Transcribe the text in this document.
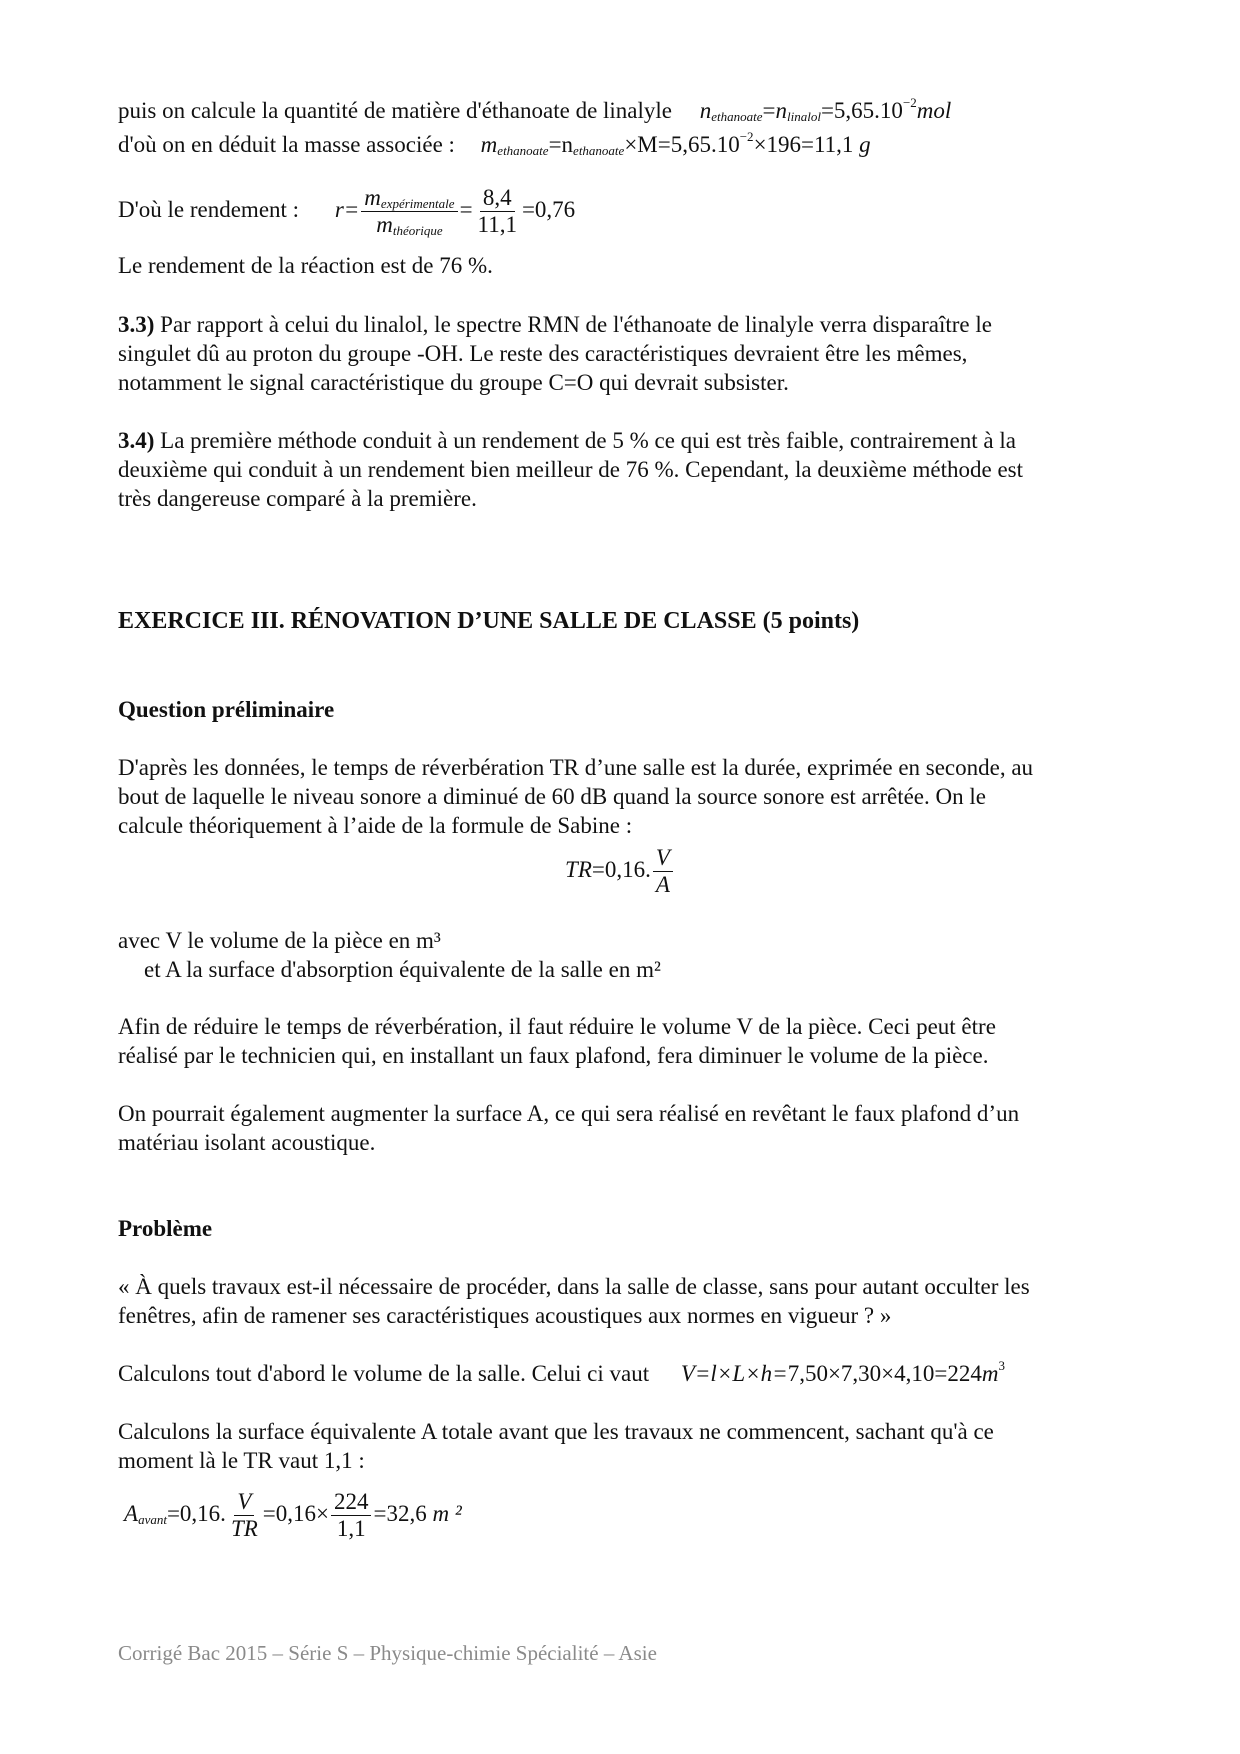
puis on calcule la quantité de matière d'éthanoate de linalyle $n_{ethanoate}=n_{linalol}=5,65.10^{-2}mol$
d'où on en déduit la masse associée : $m_{ethanoate}=n_{ethanoate}\times M=5,65.10^{-2}\times 196=11,1$ g
D'où le rendement : $r= \frac{m_{expérimentale}}{m_{théorique}} = \frac{8,4}{11,1} =0,76$
Le rendement de la réaction est de 76 %.
3.3) Par rapport à celui du linalol, le spectre RMN de l'éthanoate de linalyle verra disparaître le
singulet dû au proton du groupe -OH. Le reste des caractéristiques devraient être les mêmes,
notamment le signal caractéristique du groupe C=O qui devrait subsister.
3.4) La première méthode conduit à un rendement de 5 % ce qui est très faible, contrairement à la
deuxième qui conduit à un rendement bien meilleur de 76 %. Cependant, la deuxième méthode est
très dangereuse comparé à la première.
EXERCICE III. RÉNOVATION D’UNE SALLE DE CLASSE (5 points)
Question préliminaire
D'après les données, le temps de réverbération TR d’une salle est la durée, exprimée en seconde, au
bout de laquelle le niveau sonore a diminué de 60 dB quand la source sonore est arrêtée. On le
calcule théoriquement à l’aide de la formule de Sabine :
TR=0,16. $\frac{V}{A}$
avec V le volume de la pièce en m³
et A la surface d'absorption équivalente de la salle en m²
Afin de réduire le temps de réverbération, il faut réduire le volume V de la pièce. Ceci peut être
réalisé par le technicien qui, en installant un faux plafond, fera diminuer le volume de la pièce.
On pourrait également augmenter la surface A, ce qui sera réalisé en revêtant le faux plafond d’un
matériau isolant acoustique.
Problème
« À quels travaux est-il nécessaire de procéder, dans la salle de classe, sans pour autant occulter les
fenêtres, afin de ramener ses caractéristiques acoustiques aux normes en vigueur ? »
Calculons tout d'abord le volume de la salle. Celui ci vaut $V=l\times L\times h=7,50\times 7,30\times 4,10=224m^3$
Calculons la surface équivalente A totale avant que les travaux ne commencent, sachant qu'à ce
moment là le TR vaut 1,1 :
$A_{avant}=0,16$. $\frac{V}{TR} =0,16\times \frac{224}{1,1} =32,6$ m ²
Corrigé Bac 2015 – Série S – Physique-chimie Spécialité – Asie
